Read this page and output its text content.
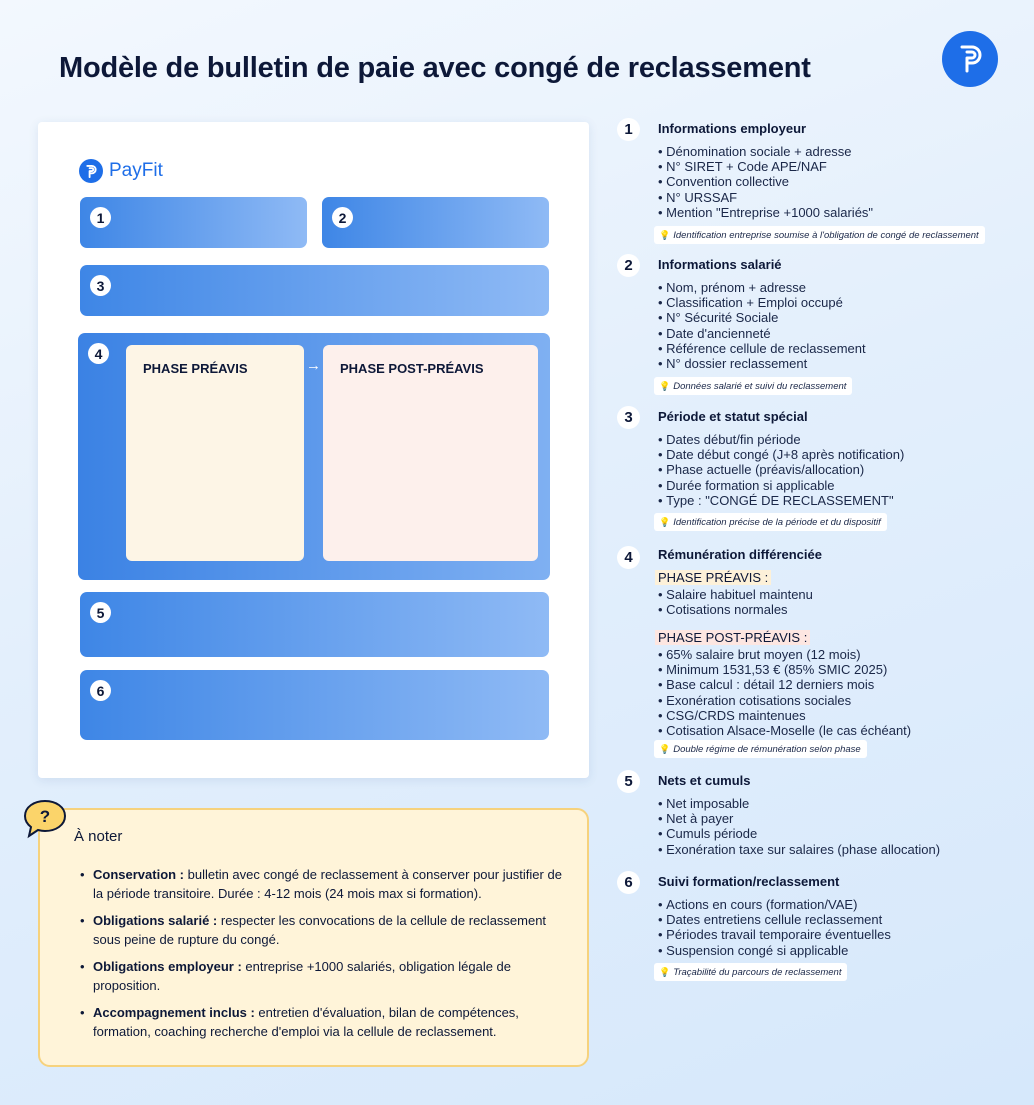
Modèle de bulletin de paie avec congé de reclassement
PayFit
1	2
3
4
PHASE PRÉAVIS	→ PHASE POST-PRÉAVIS
5
6
À noter
• Conservation : bulletin avec congé de reclassement à conserver pour justifier de la période transitoire. Durée : 4-12 mois (24 mois max si formation).
• Obligations salarié : respecter les convocations de la cellule de reclassement sous peine de rupture du congé.
• Obligations employeur : entreprise +1000 salariés, obligation légale de proposition.
• Accompagnement inclus : entretien d'évaluation, bilan de compétences, formation, coaching recherche d'emploi via la cellule de reclassement.
?
1	Informations employeur
• Dénomination sociale + adresse
• N° SIRET + Code APE/NAF
• Convention collective
• N° URSSAF
• Mention "Entreprise +1000 salariés"
💡 Identification entreprise soumise à l'obligation de congé de reclassement
2	Informations salarié
• Nom, prénom + adresse
• Classification + Emploi occupé
• N° Sécurité Sociale
• Date d'ancienneté
• Référence cellule de reclassement
• N° dossier reclassement
💡 Données salarié et suivi du reclassement
3	Période et statut spécial
• Dates début/fin période
• Date début congé (J+8 après notification)
• Phase actuelle (préavis/allocation)
• Durée formation si applicable
• Type : "CONGÉ DE RECLASSEMENT"
💡 Identification précise de la période et du dispositif
4	Rémunération différenciée
PHASE PRÉAVIS :
• Salaire habituel maintenu
• Cotisations normales
PHASE POST-PRÉAVIS :
• 65% salaire brut moyen (12 mois)
• Minimum 1531,53 € (85% SMIC 2025)
• Base calcul : détail 12 derniers mois
• Exonération cotisations sociales
• CSG/CRDS maintenues
• Cotisation Alsace-Moselle (le cas échéant)
💡 Double régime de rémunération selon phase
5	Nets et cumuls
• Net imposable
• Net à payer
• Cumuls période
• Exonération taxe sur salaires (phase allocation)
6	Suivi formation/reclassement
• Actions en cours (formation/VAE)
• Dates entretiens cellule reclassement
• Périodes travail temporaire éventuelles
• Suspension congé si applicable
💡 Traçabilité du parcours de reclassement
